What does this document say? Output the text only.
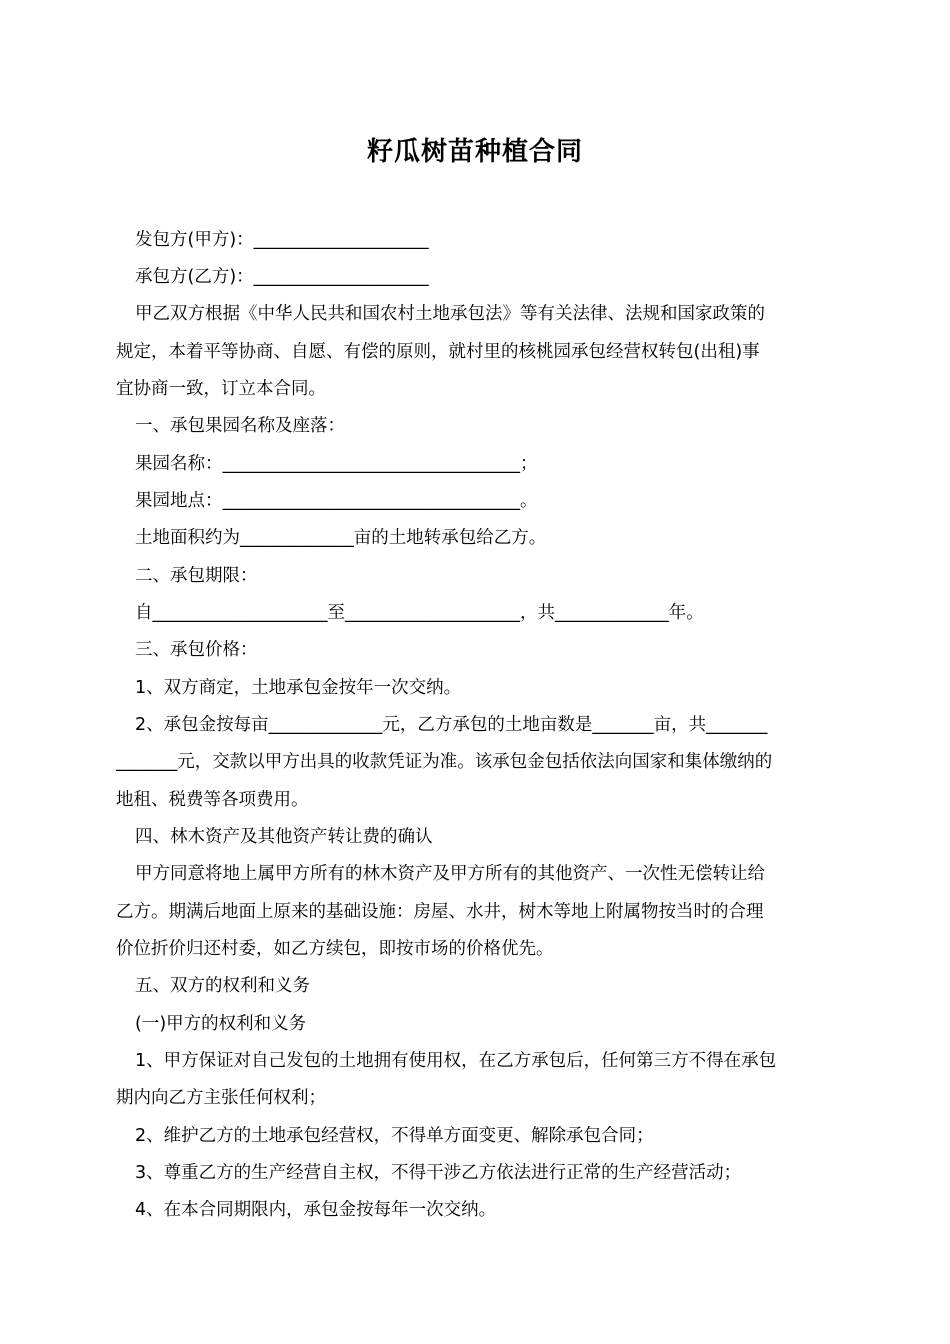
籽瓜树苗种植合同
发包方(甲方)：____________________
承包方(乙方)：____________________
甲乙双方根据《中华人民共和国农村土地承包法》等有关法律、法规和国家政策的
规定，本着平等协商、自愿、有偿的原则，就村里的核桃园承包经营权转包(出租)事
宜协商一致，订立本合同。
一、承包果园名称及座落：
果园名称：__________________________________；
果园地点：__________________________________。
土地面积约为_____________亩的土地转承包给乙方。
二、承包期限：
自____________________至____________________，共_____________年。
三、承包价格：
1、双方商定，土地承包金按年一次交纳。
2、承包金按每亩_____________元，乙方承包的土地亩数是_______亩，共_______
_______元，交款以甲方出具的收款凭证为准。该承包金包括依法向国家和集体缴纳的
地租、税费等各项费用。
四、林木资产及其他资产转让费的确认
甲方同意将地上属甲方所有的林木资产及甲方所有的其他资产、一次性无偿转让给
乙方。期满后地面上原来的基础设施：房屋、水井，树木等地上附属物按当时的合理
价位折价归还村委，如乙方续包，即按市场的价格优先。
五、双方的权利和义务
(一)甲方的权利和义务
1、甲方保证对自己发包的土地拥有使用权，在乙方承包后，任何第三方不得在承包
期内向乙方主张任何权利；
2、维护乙方的土地承包经营权，不得单方面变更、解除承包合同；
3、尊重乙方的生产经营自主权，不得干涉乙方依法进行正常的生产经营活动；
4、在本合同期限内，承包金按每年一次交纳。
